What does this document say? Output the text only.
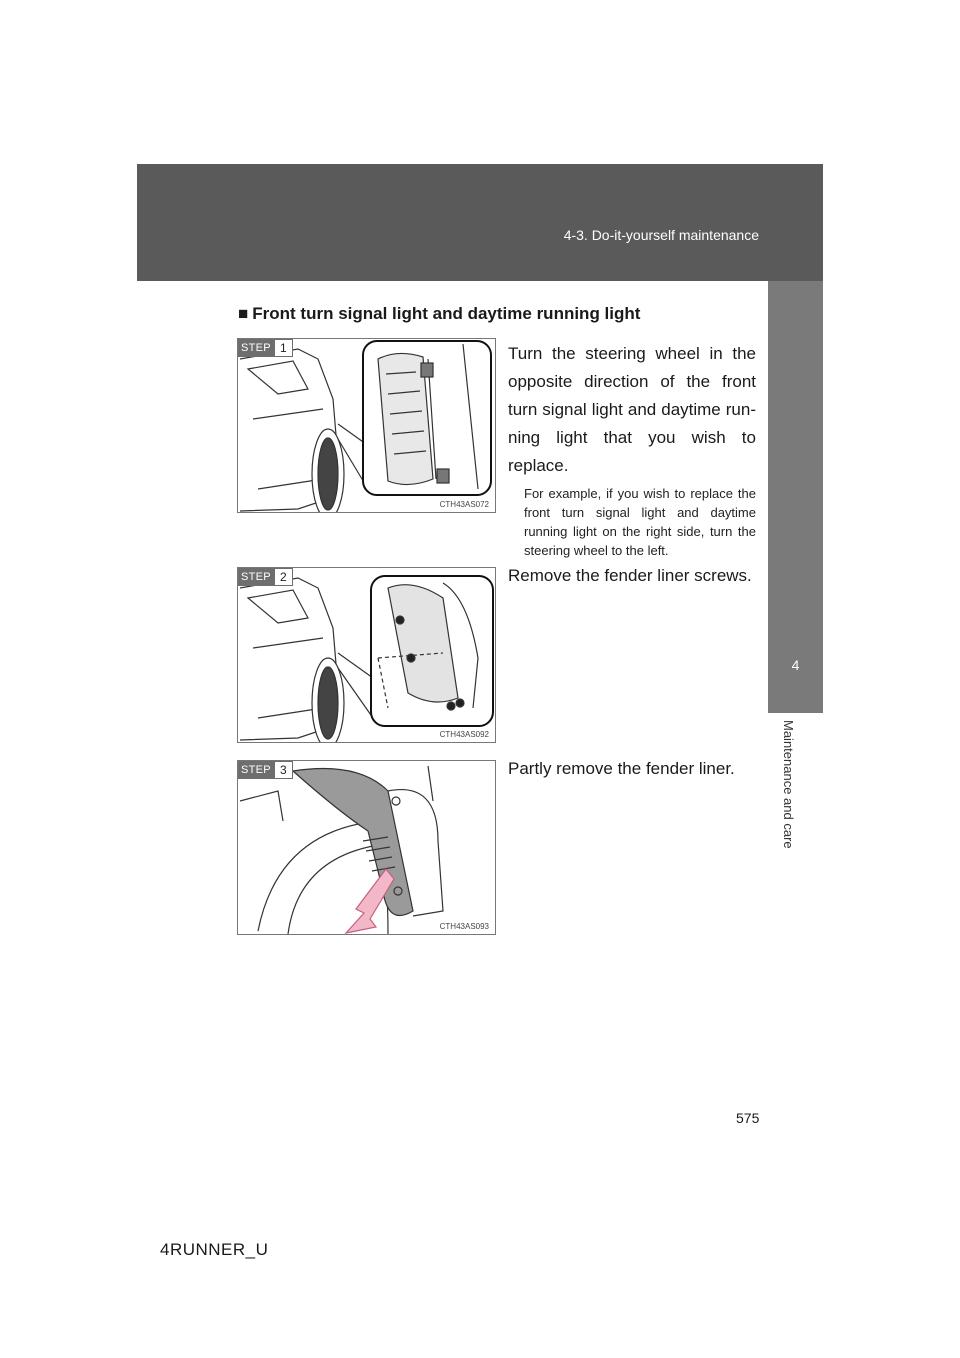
4-3. Do-it-yourself maintenance
4
Maintenance and care
■ Front turn signal light and daytime running light
STEP 1
CTH43AS072
Turn the steering wheel in the opposite direction of the front turn signal light and daytime run-ning light that you wish to replace.
For example, if you wish to replace the front turn signal light and daytime running light on the right side, turn the steering wheel to the left.
STEP 2
CTH43AS092
Remove the fender liner screws.
STEP 3
CTH43AS093
Partly remove the fender liner.
575
4RUNNER_U
